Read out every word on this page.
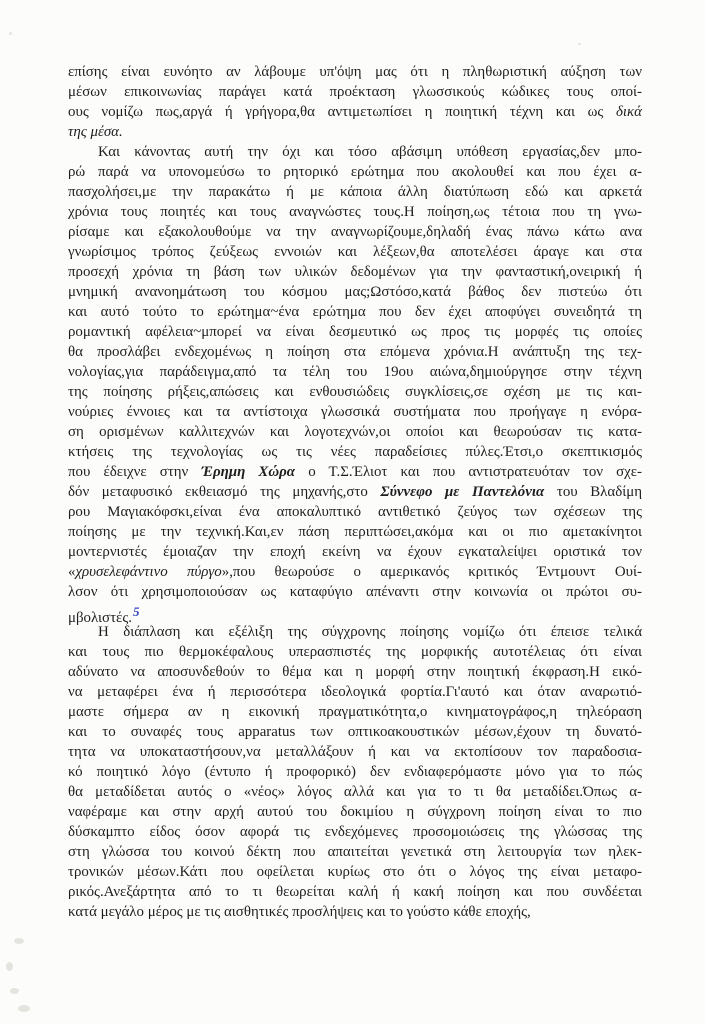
επίσης είναι ευνόητο αν λάβουμε υπ'όψη μας ότι η πληθωριστική αύξηση των
μέσων επικοινωνίας παράγει κατά προέκταση γλωσσικούς κώδικες τους οποί-
ους νομίζω πως,αργά ή γρήγορα,θα αντιμετωπίσει η ποιητική τέχνη και ως δικά
της μέσα.
Και κάνοντας αυτή την όχι και τόσο αβάσιμη υπόθεση εργασίας,δεν μπο-
ρώ παρά να υπονομεύσω το ρητορικό ερώτημα που ακολουθεί και που έχει α-
πασχολήσει,με την παρακάτω ή με κάποια άλλη διατύπωση εδώ και αρκετά
χρόνια τους ποιητές και τους αναγνώστες τους.Η ποίηση,ως τέτοια που τη γνω-
ρίσαμε και εξακολουθούμε να την αναγνωρίζουμε,δηλαδή ένας πάνω κάτω ανα
γνωρίσιμος τρόπος ζεύξεως εννοιών και λέξεων,θα αποτελέσει άραγε και στα
προσεχή χρόνια τη βάση των υλικών δεδομένων για την φανταστική,ονειρική ή
μνημική ανανοημάτωση του κόσμου μας;Ωστόσο,κατά βάθος δεν πιστεύω ότι
και αυτό τούτο το ερώτημα~ένα ερώτημα που δεν έχει αποφύγει συνειδητά τη
ρομαντική αφέλεια~μπορεί να είναι δεσμευτικό ως προς τις μορφές τις οποίες
θα προσλάβει ενδεχομένως η ποίηση στα επόμενα χρόνια.Η ανάπτυξη της τεχ-
νολογίας,για παράδειγμα,από τα τέλη του 19ου αιώνα,δημιούργησε στην τέχνη
της ποίησης ρήξεις,απώσεις και ενθουσιώδεις συγκλίσεις,σε σχέση με τις και-
νούριες έννοιες και τα αντίστοιχα γλωσσικά συστήματα που προήγαγε η ενόρα-
ση ορισμένων καλλιτεχνών και λογοτεχνών,οι οποίοι και θεωρούσαν τις κατα-
κτήσεις της τεχνολογίας ως τις νέες παραδείσιες πύλες.Έτσι,ο σκεπτικισμός
που έδειχνε στην Έρημη Χώρα ο Τ.Σ.Έλιοτ και που αντιστρατευόταν τον σχε-
δόν μεταφυσικό εκθειασμό της μηχανής,στο Σύννεφο με Παντελόνια του Βλαδίμη
ρου Μαγιακόφσκι,είναι ένα αποκαλυπτικό αντιθετικό ζεύγος των σχέσεων της
ποίησης με την τεχνική.Και,εν πάση περιπτώσει,ακόμα και οι πιο αμετακίνητοι
μοντερνιστές έμοιαζαν την εποχή εκείνη να έχουν εγκαταλείψει οριστικά τον
«χρυσελεφάντινο πύργο»,που θεωρούσε ο αμερικανός κριτικός Έντμουντ Ουί-
λσον ότι χρησιμοποιούσαν ως καταφύγιο απέναντι στην κοινωνία οι πρώτοι συ-
μβολιστές.5
Η διάπλαση και εξέλιξη της σύγχρονης ποίησης νομίζω ότι έπεισε τελικά
και τους πιο θερμοκέφαλους υπερασπιστές της μορφικής αυτοτέλειας ότι είναι
αδύνατο να αποσυνδεθούν το θέμα και η μορφή στην ποιητική έκφραση.Η εικό-
να μεταφέρει ένα ή περισσότερα ιδεολογικά φορτία.Γι'αυτό και όταν αναρωτιό-
μαστε σήμερα αν η εικονική πραγματικότητα,ο κινηματογράφος,η τηλεόραση
και το συναφές τους apparatus των οπτικοακουστικών μέσων,έχουν τη δυνατό-
τητα να υποκαταστήσουν,να μεταλλάξουν ή και να εκτοπίσουν τον παραδοσια-
κό ποιητικό λόγο (έντυπο ή προφορικό) δεν ενδιαφερόμαστε μόνο για το πώς
θα μεταδίδεται αυτός ο «νέος» λόγος αλλά και για το τι θα μεταδίδει.Όπως α-
ναφέραμε και στην αρχή αυτού του δοκιμίου η σύγχρονη ποίηση είναι το πιο
δύσκαμπτο είδος όσον αφορά τις ενδεχόμενες προσομοιώσεις της γλώσσας της
στη γλώσσα του κοινού δέκτη που απαιτείται γενετικά στη λειτουργία των ηλεκ-
τρονικών μέσων.Κάτι που οφείλεται κυρίως στο ότι ο λόγος της είναι μεταφο-
ρικός.Ανεξάρτητα από το τι θεωρείται καλή ή κακή ποίηση και που συνδέεται
κατά μεγάλο μέρος με τις αισθητικές προσλήψεις και το γούστο κάθε εποχής,
